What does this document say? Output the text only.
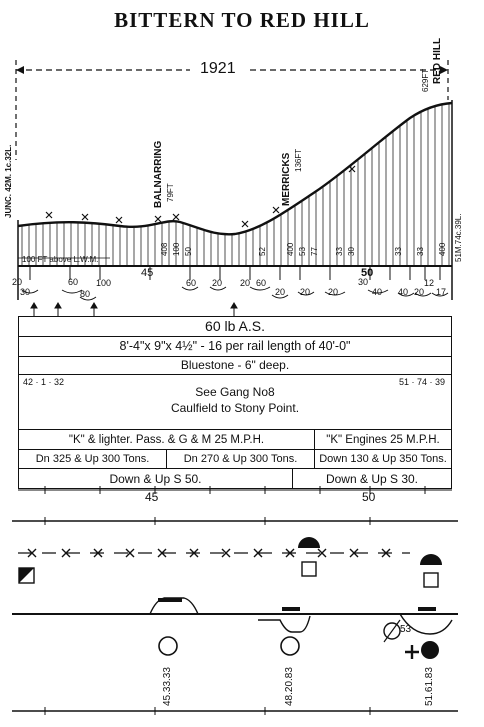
BITTERN TO RED HILL
1921
JUNC. 42M. 1c.32L.	BALNARRING 79FT	MERRICKS 136FT
629FT RED HILL
51M.74c.39L.
100 FT above L.W.M.
45	50
408 100 50	52 400 53 77 33 30	33 33 400
20
30
60
80
100	60 20 20 60
20 20 20
30
40 40 20
12
17
60 lb A.S.
8'-4"x 9"x 4½" - 16 per rail length of 40'-0"
Bluestone - 6" deep.
42 · 1 · 32	51 · 74 · 39
See Gang No8
Caulfield to Stony Point.
"K" & lighter. Pass. & G & M 25 M.P.H.	"K" Engines 25 M.P.H.
Dn 325 & Up 300 Tons.	Dn 270 & Up 300 Tons.	Down 130 & Up 350 Tons.
Down & Up S 50.	Down & Up S 30.
45	50
53
45.33.33	48.20.83	51.61.83
